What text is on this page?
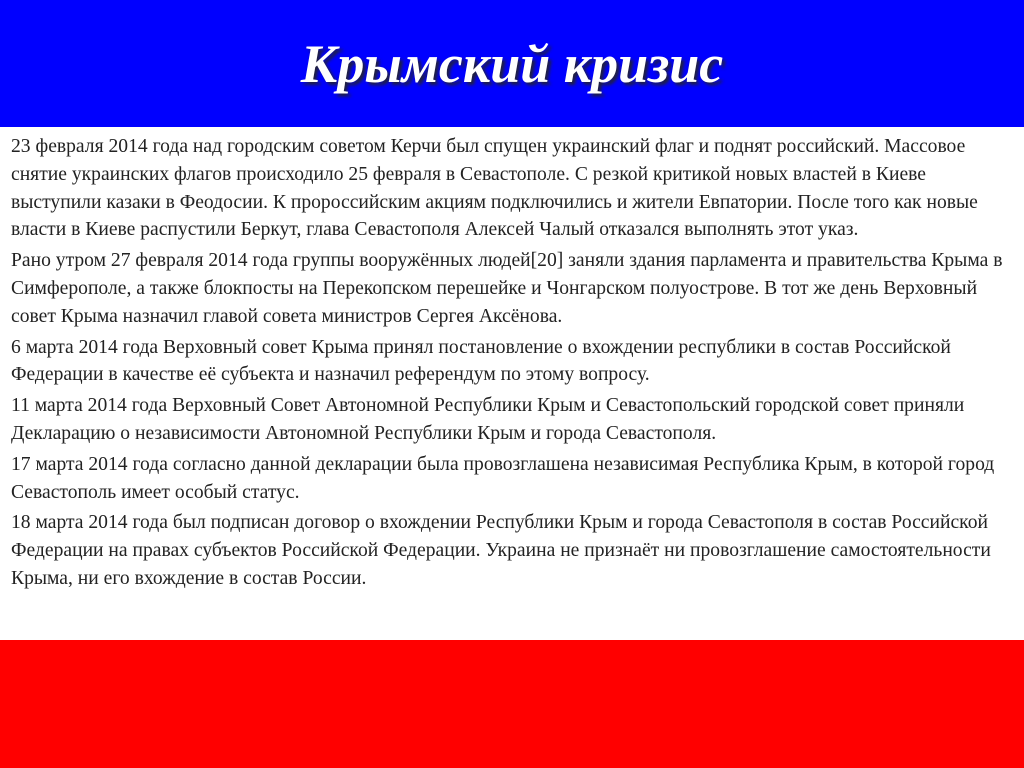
Крымский кризис

23 февраля 2014 года над городским советом Керчи был спущен украинский флаг и поднят российский. Массовое снятие украинских флагов происходило 25 февраля в Севастополе. С резкой критикой новых властей в Киеве выступили казаки в Феодосии. К пророссийским акциям подключились и жители Евпатории. После того как новые власти в Киеве распустили Беркут, глава Севастополя Алексей Чалый отказался выполнять этот указ.

Рано утром 27 февраля 2014 года группы вооружённых людей[20] заняли здания парламента и правительства Крыма в Симферополе, а также блокпосты на Перекопском перешейке и Чонгарском полуострове. В тот же день Верховный совет Крыма назначил главой совета министров Сергея Аксёнова.

6 марта 2014 года Верховный совет Крыма принял постановление о вхождении республики в состав Российской Федерации в качестве её субъекта и назначил референдум по этому вопросу.

11 марта 2014 года Верховный Совет Автономной Республики Крым и Севастопольский городской совет приняли Декларацию о независимости Автономной Республики Крым и города Севастополя.

17 марта 2014 года согласно данной декларации была провозглашена независимая Республика Крым, в которой город Севастополь имеет особый статус.

18 марта 2014 года был подписан договор о вхождении Республики Крым и города Севастополя в состав Российской Федерации на правах субъектов Российской Федерации. Украина не признаёт ни провозглашение самостоятельности Крыма, ни его вхождение в состав России.
